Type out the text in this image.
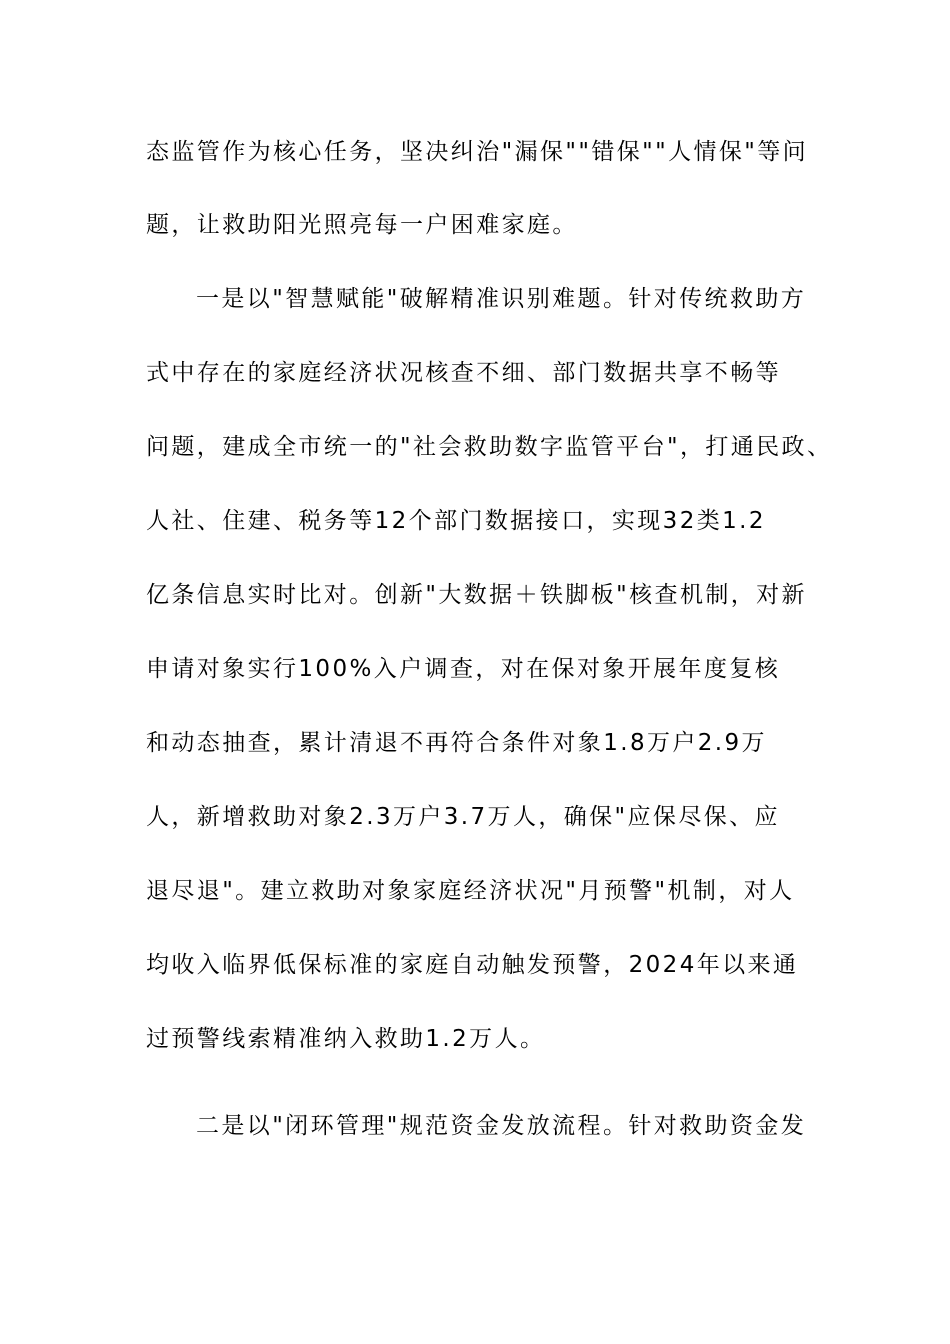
态监管作为核心任务，坚决纠治"漏保""错保""人情保"等问
题，让救助阳光照亮每一户困难家庭。
一是以"智慧赋能"破解精准识别难题。针对传统救助方
式中存在的家庭经济状况核查不细、部门数据共享不畅等
问题，建成全市统一的"社会救助数字监管平台"，打通民政、
人社、住建、税务等12个部门数据接口，实现32类1.2
亿条信息实时比对。创新"大数据＋铁脚板"核查机制，对新
申请对象实行100%入户调查，对在保对象开展年度复核
和动态抽查，累计清退不再符合条件对象1.8万户2.9万
人，新增救助对象2.3万户3.7万人，确保"应保尽保、应
退尽退"。建立救助对象家庭经济状况"月预警"机制，对人
均收入临界低保标准的家庭自动触发预警，2024年以来通
过预警线索精准纳入救助1.2万人。
二是以"闭环管理"规范资金发放流程。针对救助资金发
